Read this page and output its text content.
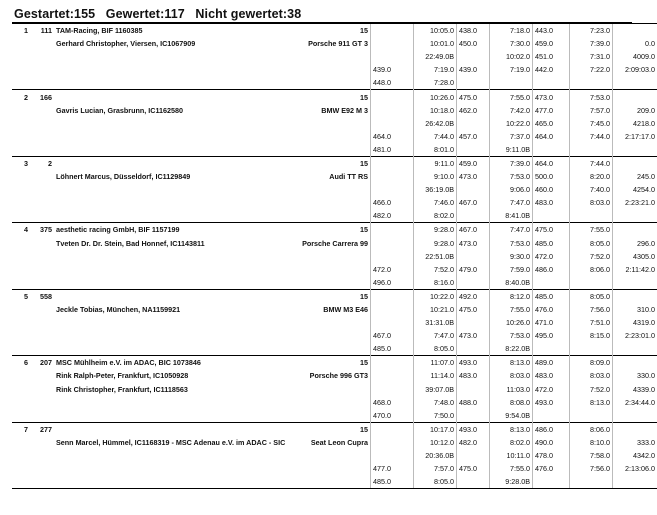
Gestartet:155 Gewertet:117 Nicht gewertet:38
1	111	TAM-Racing, BIF 1160385	15		10:05.0	438.0	7:18.0	443.0	7:23.0	
		Gerhard Christopher, Viersen, IC1067909	Porsche 911 GT 3		10:01.0	450.0	7:30.0	459.0	7:39.0	0.0
					22:49.0B		10:02.0	451.0	7:31.0	4009.0
				439.0	7:19.0	439.0	7:19.0	442.0	7:22.0	2:09:03.0
				448.0	7:28.0					
2	166		15		10:26.0	475.0	7:55.0	473.0	7:53.0	
		Gavris Lucian, Grasbrunn, IC1162580	BMW E92 M 3		10:18.0	462.0	7:42.0	477.0	7:57.0	209.0
					26:42.0B		10:22.0	465.0	7:45.0	4218.0
				464.0	7:44.0	457.0	7:37.0	464.0	7:44.0	2:17:17.0
				481.0	8:01.0		9:11.0B			
3	2		15		9:11.0	459.0	7:39.0	464.0	7:44.0	
		Löhnert Marcus, Düsseldorf, IC1129849	Audi TT RS		9:10.0	473.0	7:53.0	500.0	8:20.0	245.0
					36:19.0B		9:06.0	460.0	7:40.0	4254.0
				466.0	7:46.0	467.0	7:47.0	483.0	8:03.0	2:23:21.0
				482.0	8:02.0		8:41.0B			
4	375	aesthetic racing GmbH, BIF 1157199	15		9:28.0	467.0	7:47.0	475.0	7:55.0	
		Tveten Dr. Dr. Stein, Bad Honnef, IC1143811	Porsche Carrera 99		9:28.0	473.0	7:53.0	485.0	8:05.0	296.0
					22:51.0B		9:30.0	472.0	7:52.0	4305.0
				472.0	7:52.0	479.0	7:59.0	486.0	8:06.0	2:11:42.0
				496.0	8:16.0		8:40.0B			
5	558		15		10:22.0	492.0	8:12.0	485.0	8:05.0	
		Jeckle Tobias, München, NA1159921	BMW M3 E46		10:21.0	475.0	7:55.0	476.0	7:56.0	310.0
					31:31.0B		10:26.0	471.0	7:51.0	4319.0
				467.0	7:47.0	473.0	7:53.0	495.0	8:15.0	2:23:01.0
				485.0	8:05.0		8:22.0B			
6	207	MSC Mühlheim e.V. im ADAC, BIC 1073846	15		11:07.0	493.0	8:13.0	489.0	8:09.0	
		Rink Ralph-Peter, Frankfurt, IC1050928	Porsche 996 GT3		11:14.0	483.0	8:03.0	483.0	8:03.0	330.0
		Rink Christopher, Frankfurt, IC1118563			39:07.0B		11:03.0	472.0	7:52.0	4339.0
				468.0	7:48.0	488.0	8:08.0	493.0	8:13.0	2:34:44.0
				470.0	7:50.0		9:54.0B			
7	277		15		10:17.0	493.0	8:13.0	486.0	8:06.0	
		Senn Marcel, Hümmel, IC1168319 - MSC Adenau e.V. im ADAC - SIC	Seat Leon Cupra		10:12.0	482.0	8:02.0	490.0	8:10.0	333.0
					20:36.0B		10:11.0	478.0	7:58.0	4342.0
				477.0	7:57.0	475.0	7:55.0	476.0	7:56.0	2:13:06.0
				485.0	8:05.0		9:28.0B			
